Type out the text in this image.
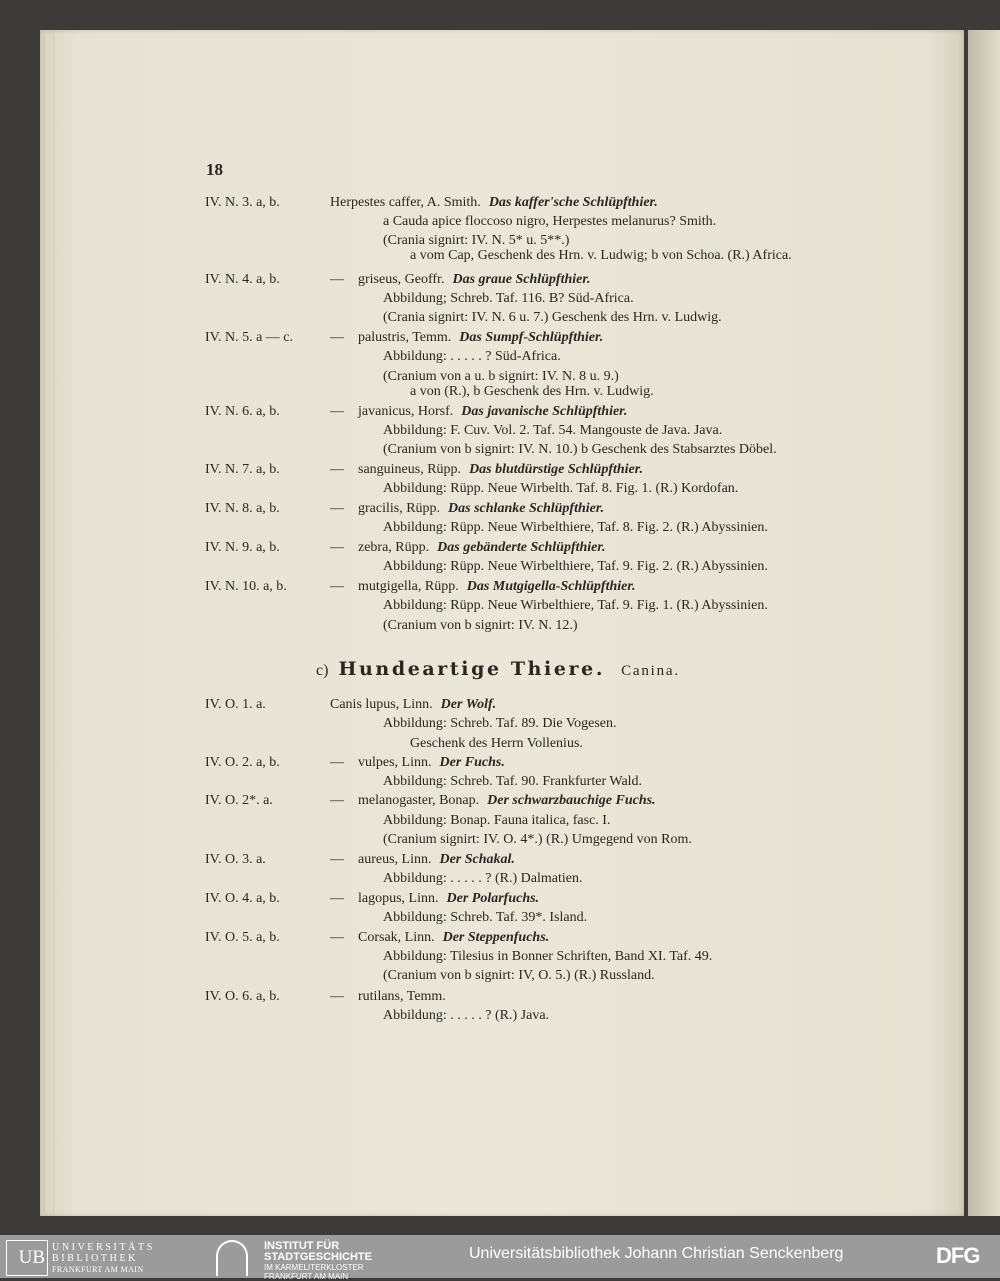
18
IV. N. 3. a, b.	Herpestes caffer, A. Smith. Das kaffer'sche Schlüpfthier.
a Cauda apice floccoso nigro, Herpestes melanurus? Smith.
(Crania signirt: IV. N. 5* u. 5**.)
a vom Cap, Geschenk des Hrn. v. Ludwig; b von Schoa. (R.) Africa.
IV. N. 4. a, b.	— griseus, Geoffr. Das graue Schlüpfthier.
Abbildung; Schreb. Taf. 116. B? Süd-Africa.
(Crania signirt: IV. N. 6 u. 7.) Geschenk des Hrn. v. Ludwig.
IV. N. 5. a — c.	— palustris, Temm. Das Sumpf-Schlüpfthier.
Abbildung: . . . . . ? Süd-Africa.
(Cranium von a u. b signirt: IV. N. 8 u. 9.)
a von (R.), b Geschenk des Hrn. v. Ludwig.
IV. N. 6. a, b.	— javanicus, Horsf. Das javanische Schlüpfthier.
Abbildung: F. Cuv. Vol. 2. Taf. 54. Mangouste de Java. Java.
(Cranium von b signirt: IV. N. 10.) b Geschenk des Stabsarztes Döbel.
IV. N. 7. a, b.	— sanguineus, Rüpp. Das blutdürstige Schlüpfthier.
Abbildung: Rüpp. Neue Wirbelth. Taf. 8. Fig. 1. (R.) Kordofan.
IV. N. 8. a, b.	— gracilis, Rüpp. Das schlanke Schlüpfthier.
Abbildung: Rüpp. Neue Wirbelthiere, Taf. 8. Fig. 2. (R.) Abyssinien.
IV. N. 9. a, b.	— zebra, Rüpp. Das gebänderte Schlüpfthier.
Abbildung: Rüpp. Neue Wirbelthiere, Taf. 9. Fig. 2. (R.) Abyssinien.
IV. N. 10. a, b.	— mutgigella, Rüpp. Das Mutgigella-Schlüpfthier.
Abbildung: Rüpp. Neue Wirbelthiere, Taf. 9. Fig. 1. (R.) Abyssinien.
(Cranium von b signirt: IV. N. 12.)
IV. O. 1. a.	Canis lupus, Linn. Der Wolf.
Abbildung: Schreb. Taf. 89. Die Vogesen.
Geschenk des Herrn Vollenius.
IV. O. 2. a, b.	— vulpes, Linn. Der Fuchs.
Abbildung: Schreb. Taf. 90. Frankfurter Wald.
IV. O. 2*. a.	— melanogaster, Bonap. Der schwarzbauchige Fuchs.
Abbildung: Bonap. Fauna italica, fasc. I.
(Cranium signirt: IV. O. 4*.) (R.) Umgegend von Rom.
IV. O. 3. a.	— aureus, Linn. Der Schakal.
Abbildung: . . . . . ? (R.) Dalmatien.
IV. O. 4. a, b.	— lagopus, Linn. Der Polarfuchs.
Abbildung: Schreb. Taf. 39*. Island.
IV. O. 5. a, b.	— Corsak, Linn. Der Steppenfuchs.
Abbildung: Tilesius in Bonner Schriften, Band XI. Taf. 49.
(Cranium von b signirt: IV, O. 5.) (R.) Russland.
IV. O. 6. a, b.	— rutilans, Temm.
Abbildung: . . . . . ? (R.) Java.
c) Hundeartige Thiere. Canina.
UB UNIVERSITÄTS
BIBLIOTHEK
FRANKFURT AM MAIN
INSTITUT FÜR
STADTGESCHICHTE
IM KARMELITERKLOSTER
FRANKFURT AM MAIN
Universitätsbibliothek Johann Christian Senckenberg	DFG
